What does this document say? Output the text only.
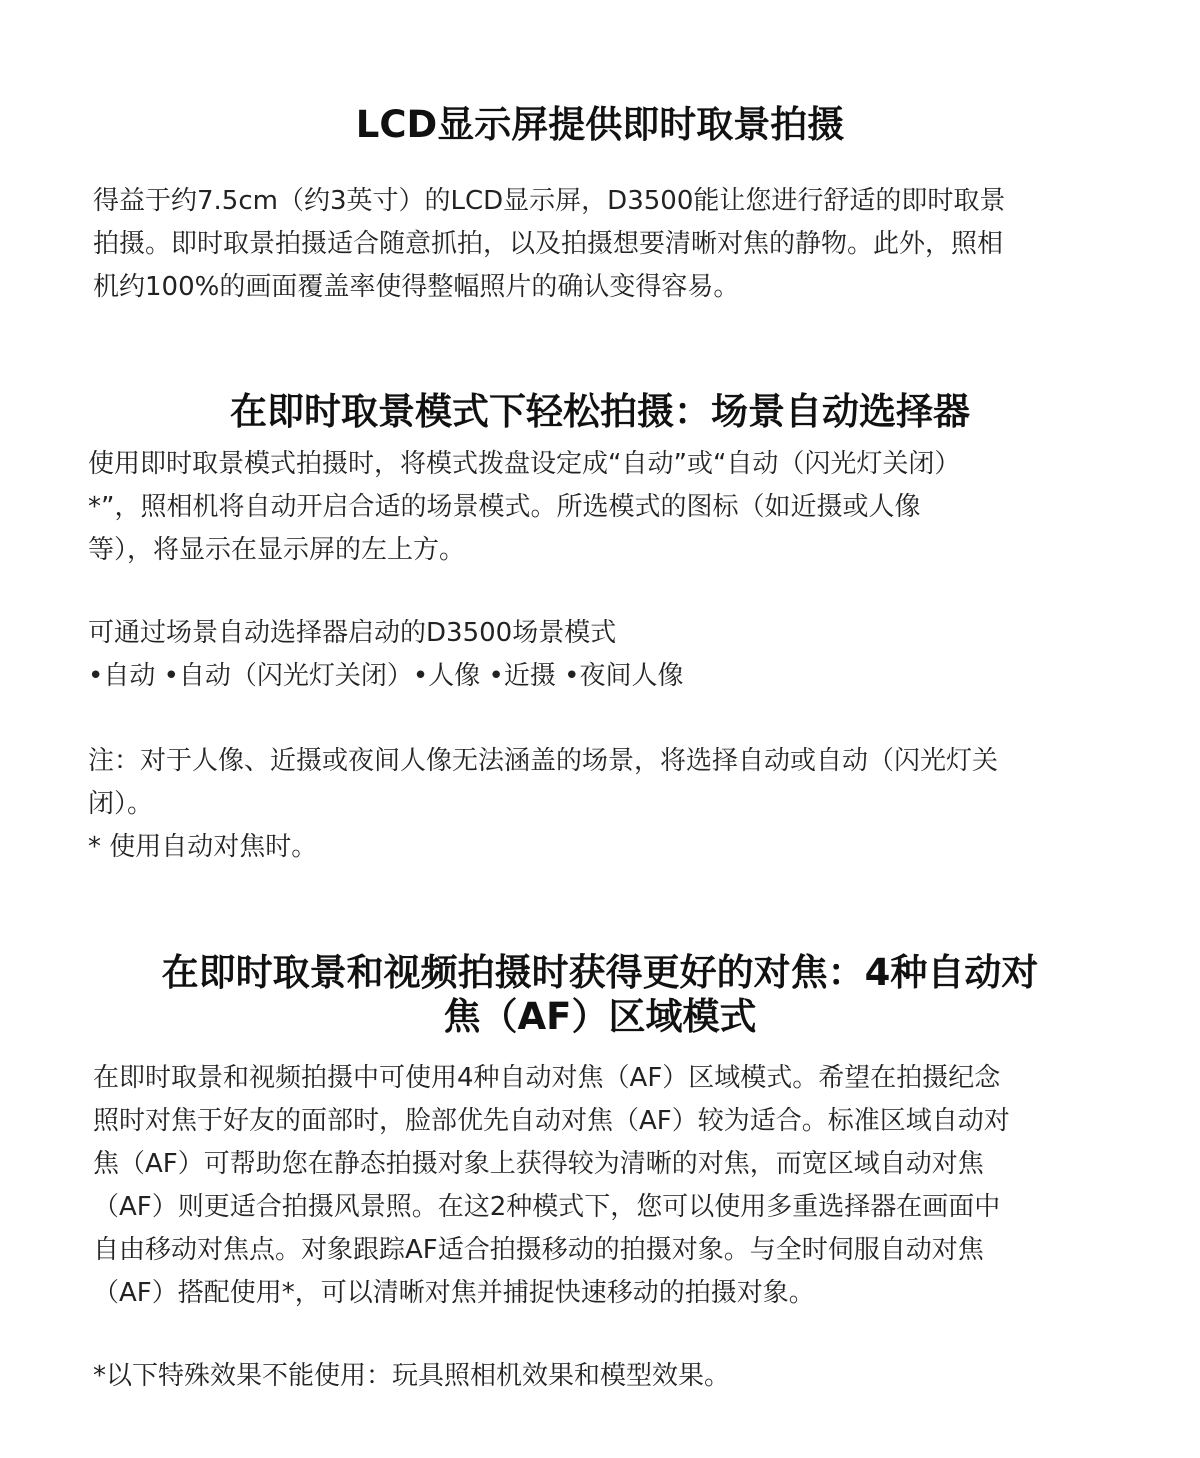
LCD显示屏提供即时取景拍摄
得益于约7.5cm（约3英寸）的LCD显示屏，D3500能让您进行舒适的即时取景
拍摄。即时取景拍摄适合随意抓拍，以及拍摄想要清晰对焦的静物。此外，照相
机约100%的画面覆盖率使得整幅照片的确认变得容易。
在即时取景模式下轻松拍摄：场景自动选择器
使用即时取景模式拍摄时，将模式拨盘设定成“自动”或“自动（闪光灯关闭）
*”，照相机将自动开启合适的场景模式。所选模式的图标（如近摄或人像
等），将显示在显示屏的左上方。
可通过场景自动选择器启动的D3500场景模式
•自动 •自动（闪光灯关闭）•人像 •近摄 •夜间人像
注：对于人像、近摄或夜间人像无法涵盖的场景，将选择自动或自动（闪光灯关
闭）。
* 使用自动对焦时。
在即时取景和视频拍摄时获得更好的对焦：4种自动对
焦（AF）区域模式
在即时取景和视频拍摄中可使用4种自动对焦（AF）区域模式。希望在拍摄纪念
照时对焦于好友的面部时，脸部优先自动对焦（AF）较为适合。标准区域自动对
焦（AF）可帮助您在静态拍摄对象上获得较为清晰的对焦，而宽区域自动对焦
（AF）则更适合拍摄风景照。在这2种模式下，您可以使用多重选择器在画面中
自由移动对焦点。对象跟踪AF适合拍摄移动的拍摄对象。与全时伺服自动对焦
（AF）搭配使用*，可以清晰对焦并捕捉快速移动的拍摄对象。
*以下特殊效果不能使用：玩具照相机效果和模型效果。
